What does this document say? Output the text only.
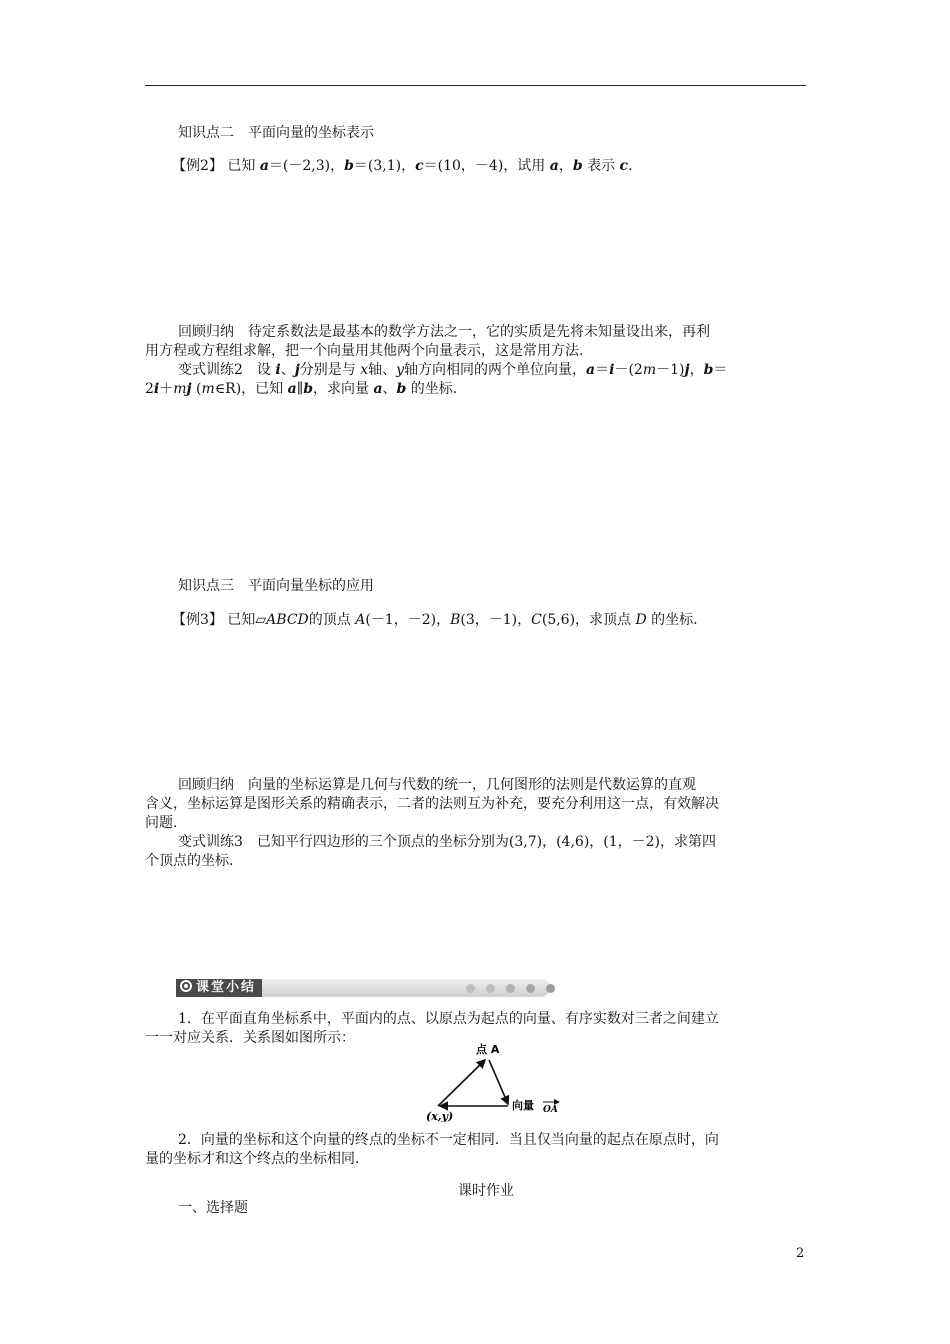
知识点二　平面向量的坐标表示
【例2】 已知 a＝(－2,3)，b＝(3,1)，c＝(10，－4)，试用 a，b 表示 c.
回顾归纳　待定系数法是最基本的数学方法之一，它的实质是先将未知量设出来，再利
用方程或方程组求解，把一个向量用其他两个向量表示，这是常用方法.
变式训练2　设 i、j分别是与 x轴、y轴方向相同的两个单位向量，a＝i－(2m－1)j，b＝
2i＋mj (m∈R)，已知 a∥b，求向量 a、b 的坐标.
知识点三　平面向量坐标的应用
【例3】 已知▱ABCD的顶点 A(－1，－2)，B(3，－1)，C(5,6)，求顶点 D 的坐标.
回顾归纳　向量的坐标运算是几何与代数的统一，几何图形的法则是代数运算的直观
含义，坐标运算是图形关系的精确表示，二者的法则互为补充，要充分利用这一点，有效解决
问题.
变式训练3　已知平行四边形的三个顶点的坐标分别为(3,7)，(4,6)，(1，－2)，求第四
个顶点的坐标.
课堂小结
1．在平面直角坐标系中，平面内的点、以原点为起点的向量、有序实数对三者之间建立
一一对应关系．关系图如图所示：
点 A
(x,y)
向量 OA
2．向量的坐标和这个向量的终点的坐标不一定相同．当且仅当向量的起点在原点时，向
量的坐标才和这个终点的坐标相同.
课时作业
一、选择题
2
